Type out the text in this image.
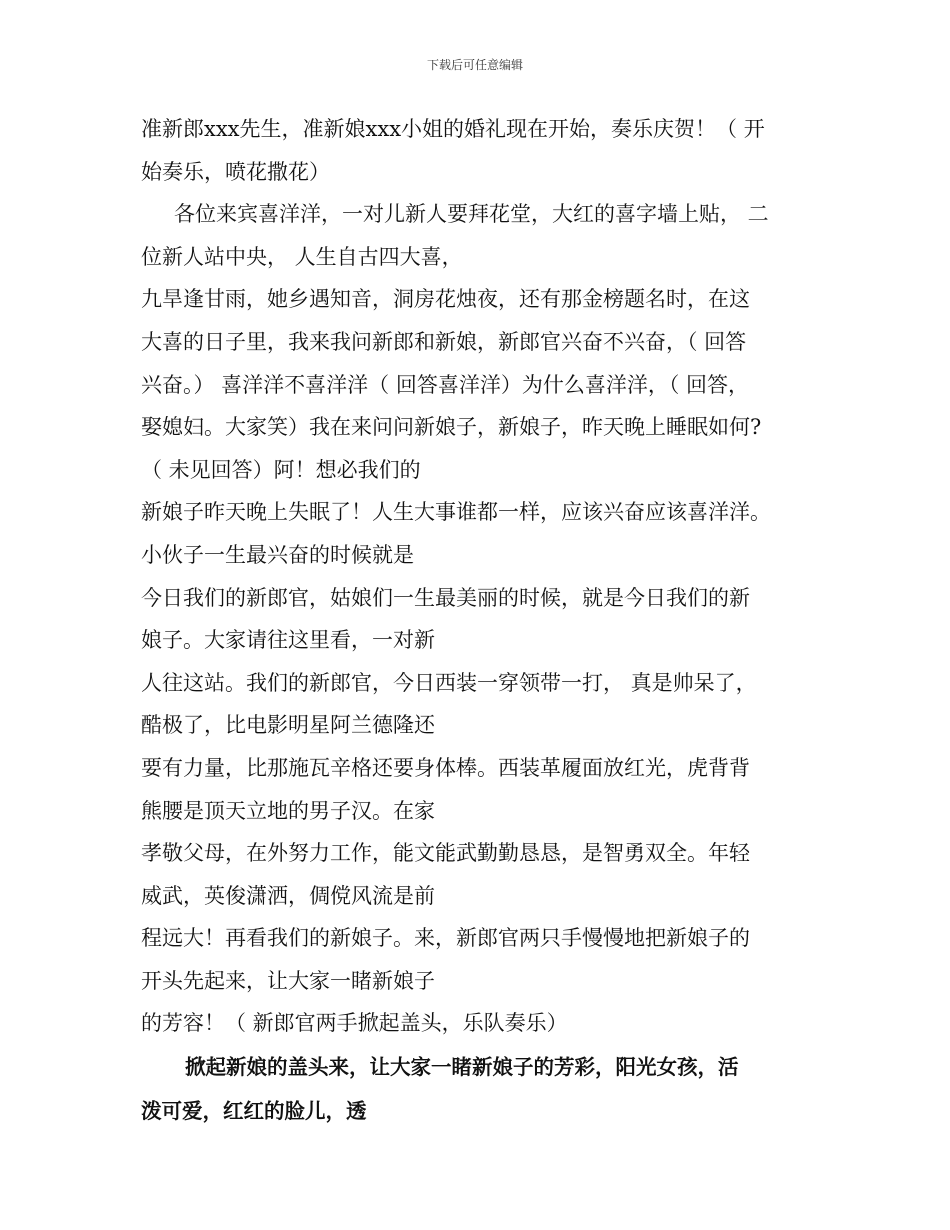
下载后可任意编辑
准新郎xxx先生，准新娘xxx小姐的婚礼现在开始，奏乐庆贺！（ 开
始奏乐，喷花撒花）
各位来宾喜洋洋，一对儿新人要拜花堂，大红的喜字墙上贴， 二
位新人站中央， 人生自古四大喜，
九旱逢甘雨，她乡遇知音，洞房花烛夜，还有那金榜题名时，在这
大喜的日子里，我来我问新郎和新娘，新郎官兴奋不兴奋，（ 回答
兴奋。） 喜洋洋不喜洋洋（ 回答喜洋洋）为什么喜洋洋，（ 回答，
娶媳妇。大家笑）我在来问问新娘子，新娘子，昨天晚上睡眠如何?
（ 未见回答）阿！想必我们的
新娘子昨天晚上失眠了！人生大事谁都一样，应该兴奋应该喜洋洋。
小伙子一生最兴奋的时候就是
今日我们的新郎官，姑娘们一生最美丽的时候，就是今日我们的新
娘子。大家请往这里看，一对新
人往这站。我们的新郎官，今日西装一穿领带一打， 真是帅呆了，
酷极了，比电影明星阿兰德隆还
要有力量，比那施瓦辛格还要身体棒。西装革履面放红光，虎背背
熊腰是顶天立地的男子汉。在家
孝敬父母，在外努力工作，能文能武勤勤恳恳，是智勇双全。年轻
威武，英俊潇洒，倜傥风流是前
程远大！再看我们的新娘子。来，新郎官两只手慢慢地把新娘子的
开头先起来，让大家一睹新娘子
的芳容！（ 新郎官两手掀起盖头，乐队奏乐）
掀起新娘的盖头来，让大家一睹新娘子的芳彩，阳光女孩，活
泼可爱，红红的脸儿，透
